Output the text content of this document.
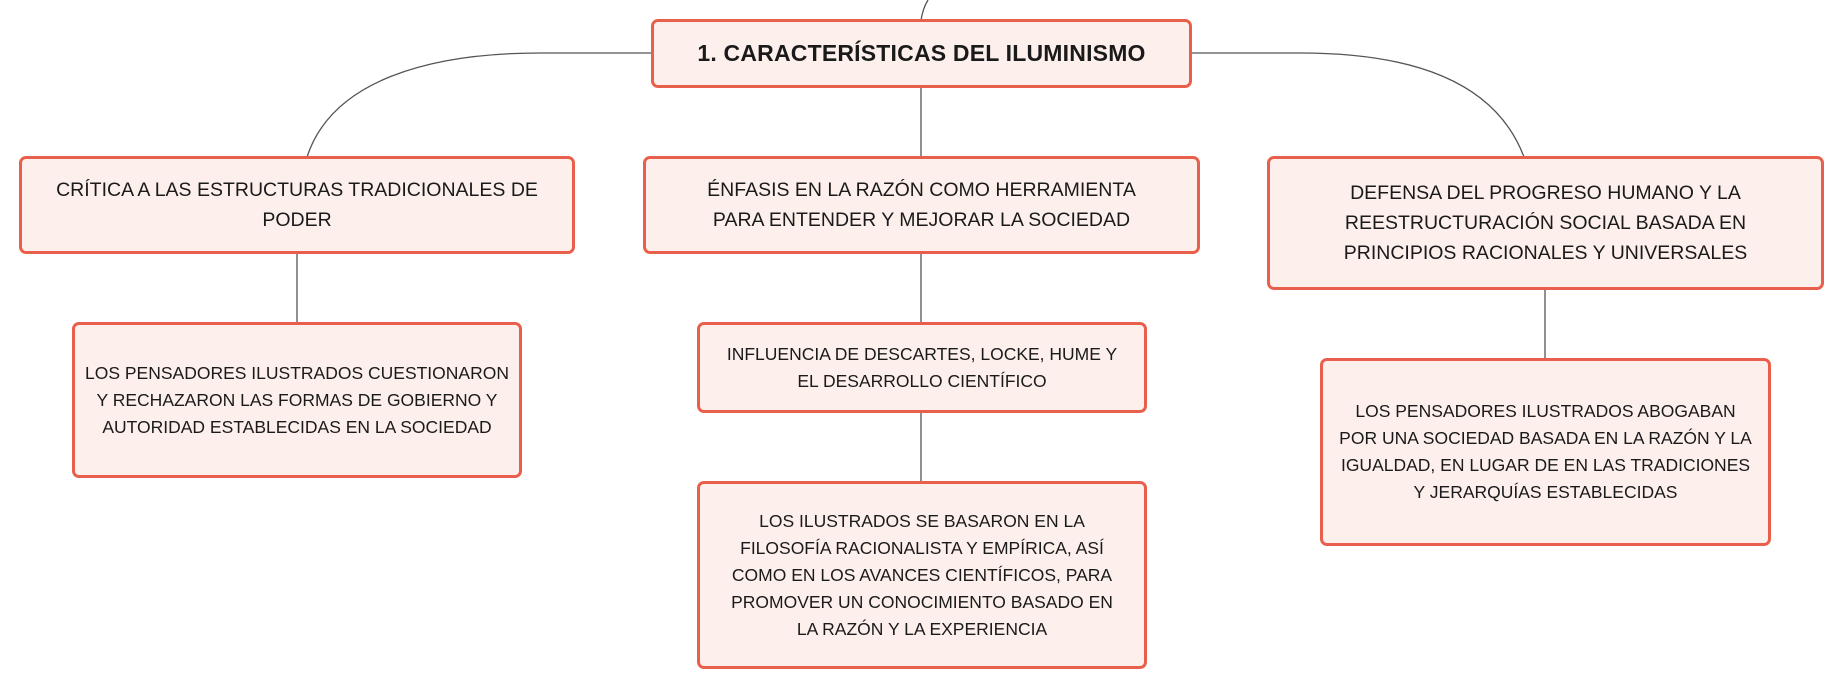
1. CARACTERÍSTICAS DEL ILUMINISMO
CRÍTICA A LAS ESTRUCTURAS TRADICIONALES DE PODER
LOS PENSADORES ILUSTRADOS CUESTIONARON Y RECHAZARON LAS FORMAS DE GOBIERNO Y AUTORIDAD ESTABLECIDAS EN LA SOCIEDAD
ÉNFASIS EN LA RAZÓN COMO HERRAMIENTA PARA ENTENDER Y MEJORAR LA SOCIEDAD
INFLUENCIA DE DESCARTES, LOCKE, HUME Y EL DESARROLLO CIENTÍFICO
LOS ILUSTRADOS SE BASARON EN LA FILOSOFÍA RACIONALISTA Y EMPÍRICA, ASÍ COMO EN LOS AVANCES CIENTÍFICOS, PARA PROMOVER UN CONOCIMIENTO BASADO EN LA RAZÓN Y LA EXPERIENCIA
DEFENSA DEL PROGRESO HUMANO Y LA REESTRUCTURACIÓN SOCIAL BASADA EN PRINCIPIOS RACIONALES Y UNIVERSALES
LOS PENSADORES ILUSTRADOS ABOGABAN POR UNA SOCIEDAD BASADA EN LA RAZÓN Y LA IGUALDAD, EN LUGAR DE EN LAS TRADICIONES Y JERARQUÍAS ESTABLECIDAS
